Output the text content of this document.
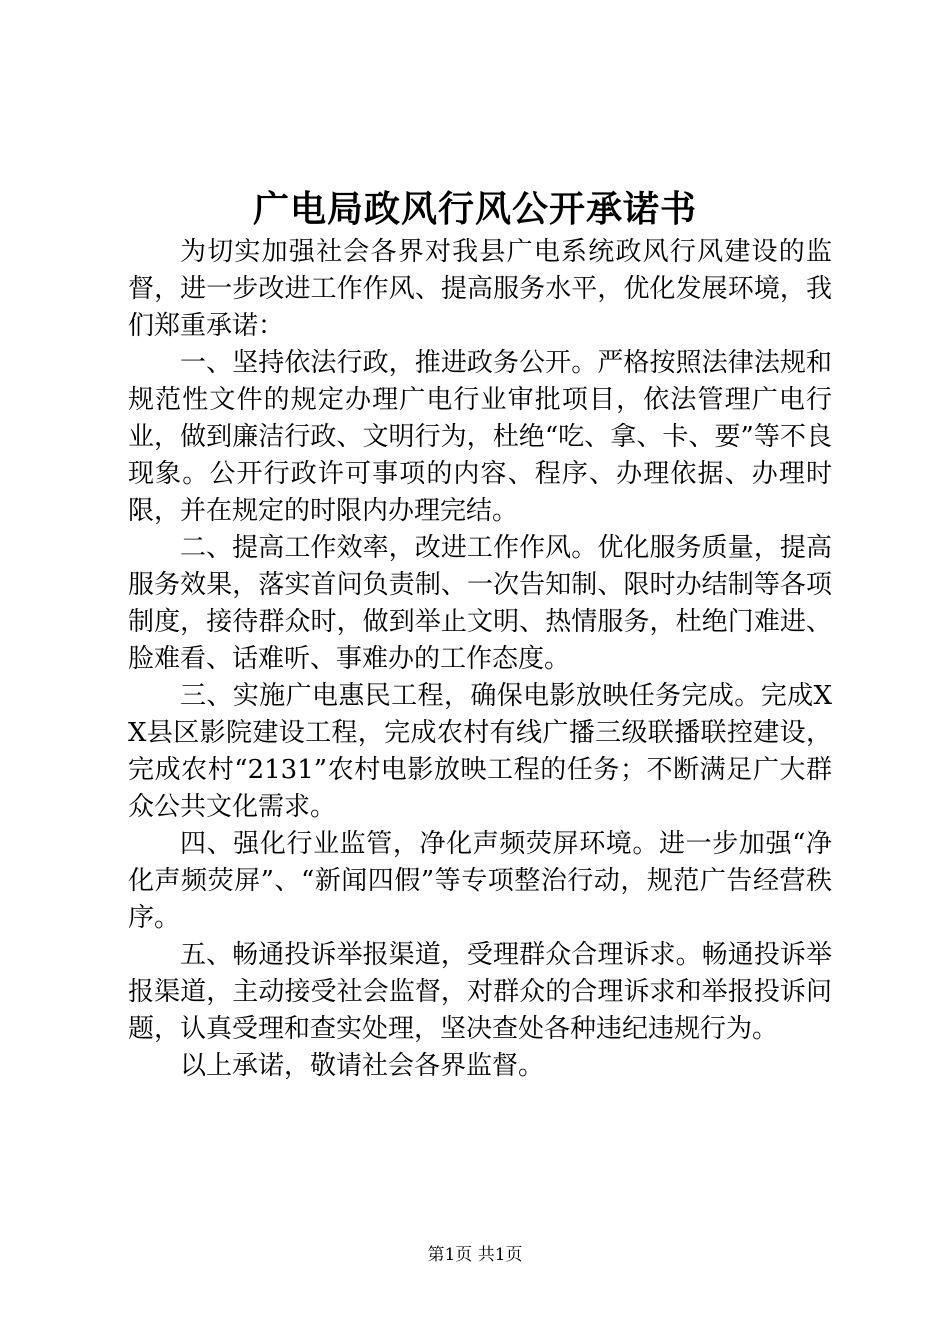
广电局政风行风公开承诺书

为切实加强社会各界对我县广电系统政风行风建设的监督，进一步改进工作作风、提高服务水平，优化发展环境，我们郑重承诺：

一、坚持依法行政，推进政务公开。严格按照法律法规和规范性文件的规定办理广电行业审批项目，依法管理广电行业，做到廉洁行政、文明行为，杜绝“吃、拿、卡、要”等不良现象。公开行政许可事项的内容、程序、办理依据、办理时限，并在规定的时限内办理完结。

二、提高工作效率，改进工作作风。优化服务质量，提高服务效果，落实首问负责制、一次告知制、限时办结制等各项制度，接待群众时，做到举止文明、热情服务，杜绝门难进、脸难看、话难听、事难办的工作态度。

三、实施广电惠民工程，确保电影放映任务完成。完成XX县区影院建设工程，完成农村有线广播三级联播联控建设，完成农村“2131”农村电影放映工程的任务；不断满足广大群众公共文化需求。

四、强化行业监管，净化声频荧屏环境。进一步加强“净化声频荧屏”、“新闻四假”等专项整治行动，规范广告经营秩序。

五、畅通投诉举报渠道，受理群众合理诉求。畅通投诉举报渠道，主动接受社会监督，对群众的合理诉求和举报投诉问题，认真受理和查实处理，坚决查处各种违纪违规行为。

以上承诺，敬请社会各界监督。

第1页 共1页
